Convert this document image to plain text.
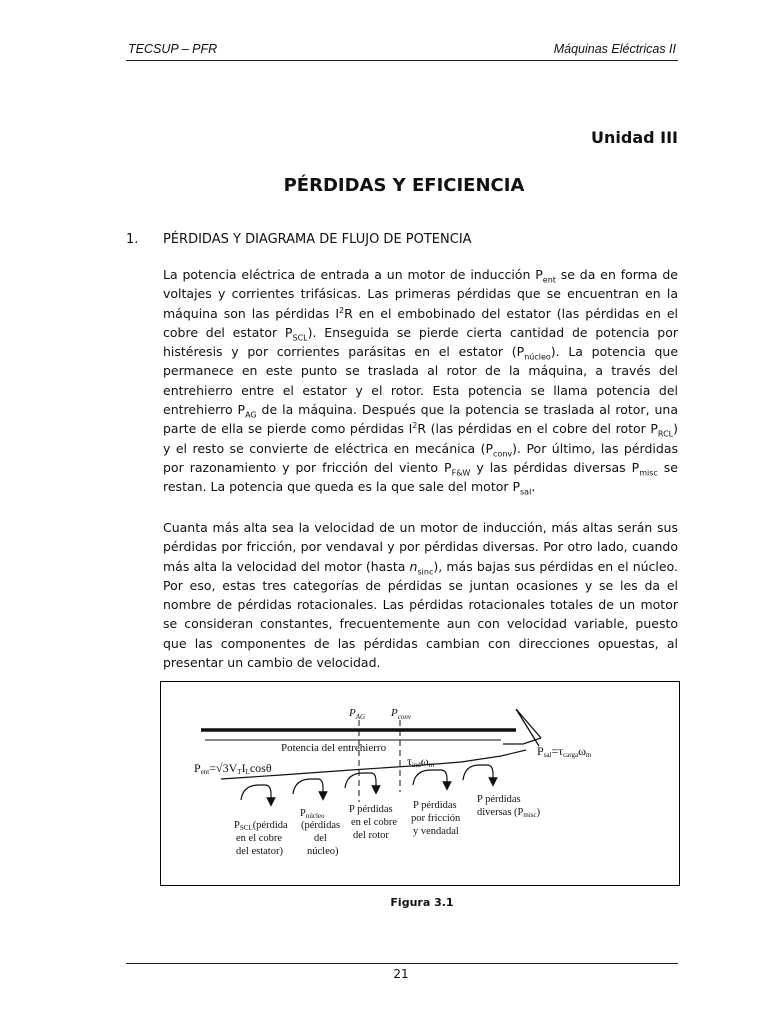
TECSUP – PFR	Máquinas Eléctricas II
Unidad III
PÉRDIDAS Y EFICIENCIA
1. PÉRDIDAS Y DIAGRAMA DE FLUJO DE POTENCIA

La potencia eléctrica de entrada a un motor de inducción $P_{ent}$ se da en forma de voltajes y corrientes trifásicas. Las primeras pérdidas que se encuentran en la máquina son las pérdidas $I^2R$ en el embobinado del estator (las pérdidas en el cobre del estator $P_{SCL}$). Enseguida se pierde cierta cantidad de potencia por histéresis y por corrientes parásitas en el estator $(P_{núcleo})$. La potencia que permanece en este punto se traslada al rotor de la máquina, a través del entrehierro entre el estator y el rotor. Esta potencia se llama potencia del entrehierro $P_{AG}$ de la máquina. Después que la potencia se traslada al rotor, una parte de ella se pierde como pérdidas $I^2R$ (las pérdidas en el cobre del rotor $P_{RCL}$) y el resto se convierte de eléctrica en mecánica $(P_{conv})$. Por último, las pérdidas por razonamiento y por fricción del viento $P_{F\&W}$ y las pérdidas diversas $P_{misc}$ se restan. La potencia que queda es la que sale del motor $P_{sal}$.

Cuanta más alta sea la velocidad de un motor de inducción, más altas serán sus pérdidas por fricción, por vendaval y por pérdidas diversas. Por otro lado, cuando más alta la velocidad del motor (hasta $n_{sinc}$), más bajas sus pérdidas en el núcleo. Por eso, estas tres categorías de pérdidas se juntan ocasiones y se les da el nombre de pérdidas rotacionales. Las pérdidas rotacionales totales de un motor se consideran constantes, frecuentemente aun con velocidad variable, puesto que las componentes de las pérdidas cambian con direcciones opuestas, al presentar un cambio de velocidad.

$P_{AG}$ $P_{conv}$
Potencia del entrehierro
Pent=√3VTILcosθ	τindωm
Psal=τcargaωm
PSCL(pérdida
en el cobre
del estator)
Pnúcleo
(pérdidas
del
núcleo)
P pérdidas
en el cobre
del rotor
P pérdidas
por fricción
y vendadal
P pérdidas
diversas (Pmisc)
Figura 3.1
21
